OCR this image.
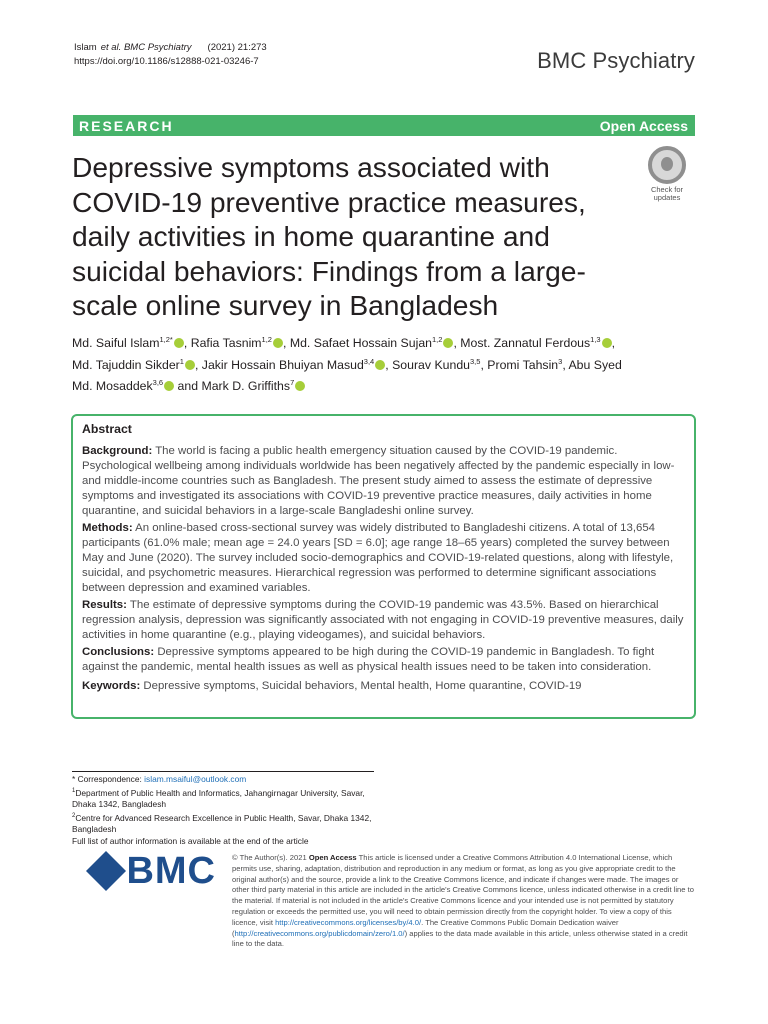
Islam et al. BMC Psychiatry (2021) 21:273
https://doi.org/10.1186/s12888-021-03246-7	BMC Psychiatry
RESEARCH	Open Access
Depressive symptoms associated with COVID-19 preventive practice measures, daily activities in home quarantine and suicidal behaviors: Findings from a large-scale online survey in Bangladesh
Check for
updates
Md. Saiful Islam$^{1,2*}$ , Rafia Tasnim$^{1,2}$ , Md. Safaet Hossain Sujan$^{1,2}$ , Most. Zannatul Ferdous$^{1,3}$ , Md. Tajuddin Sikder$^1$ , Jakir Hossain Bhuiyan Masud$^{3,4}$ , Sourav Kundu$^{3,5}$, Promi Tahsin$^3$, Abu Syed Md. Mosaddek$^{3,6}$ and Mark D. Griffiths$^7$
Abstract

Background: The world is facing a public health emergency situation caused by the COVID-19 pandemic. Psychological wellbeing among individuals worldwide has been negatively affected by the pandemic especially in low- and middle-income countries such as Bangladesh. The present study aimed to assess the estimate of depressive symptoms and investigated its associations with COVID-19 preventive practice measures, daily activities in home quarantine, and suicidal behaviors in a large-scale Bangladeshi online survey.

Methods: An online-based cross-sectional survey was widely distributed to Bangladeshi citizens. A total of 13,654 participants (61.0% male; mean age = 24.0 years [SD = 6.0]; age range 18–65 years) completed the survey between May and June (2020). The survey included socio-demographics and COVID-19-related questions, along with lifestyle, suicidal, and psychometric measures. Hierarchical regression was performed to determine significant associations between depression and examined variables.

Results: The estimate of depressive symptoms during the COVID-19 pandemic was 43.5%. Based on hierarchical regression analysis, depression was significantly associated with not engaging in COVID-19 preventive measures, daily activities in home quarantine (e.g., playing videogames), and suicidal behaviors.

Conclusions: Depressive symptoms appeared to be high during the COVID-19 pandemic in Bangladesh. To fight against the pandemic, mental health issues as well as physical health issues need to be taken into consideration.

Keywords: Depressive symptoms, Suicidal behaviors, Mental health, Home quarantine, COVID-19

* Correspondence: islam.msaiful@outlook.com
$^1$Department of Public Health and Informatics, Jahangirnagar University, Savar, Dhaka 1342, Bangladesh
$^2$Centre for Advanced Research Excellence in Public Health, Savar, Dhaka 1342, Bangladesh
Full list of author information is available at the end of the article
BMC © The Author(s). 2021 Open Access This article is licensed under a Creative Commons Attribution 4.0 International License, which permits use, sharing, adaptation, distribution and reproduction in any medium or format, as long as you give appropriate credit to the original author(s) and the source, provide a link to the Creative Commons licence, and indicate if changes were made. The images or other third party material in this article are included in the article's Creative Commons licence, unless indicated otherwise in a credit line to the material. If material is not included in the article's Creative Commons licence and your intended use is not permitted by statutory regulation or exceeds the permitted use, you will need to obtain permission directly from the copyright holder. To view a copy of this licence, visit http://creativecommons.org/licenses/by/4.0/. The Creative Commons Public Domain Dedication waiver (http://creativecommons.org/publicdomain/zero/1.0/) applies to the data made available in this article, unless otherwise stated in a credit line to the data.
